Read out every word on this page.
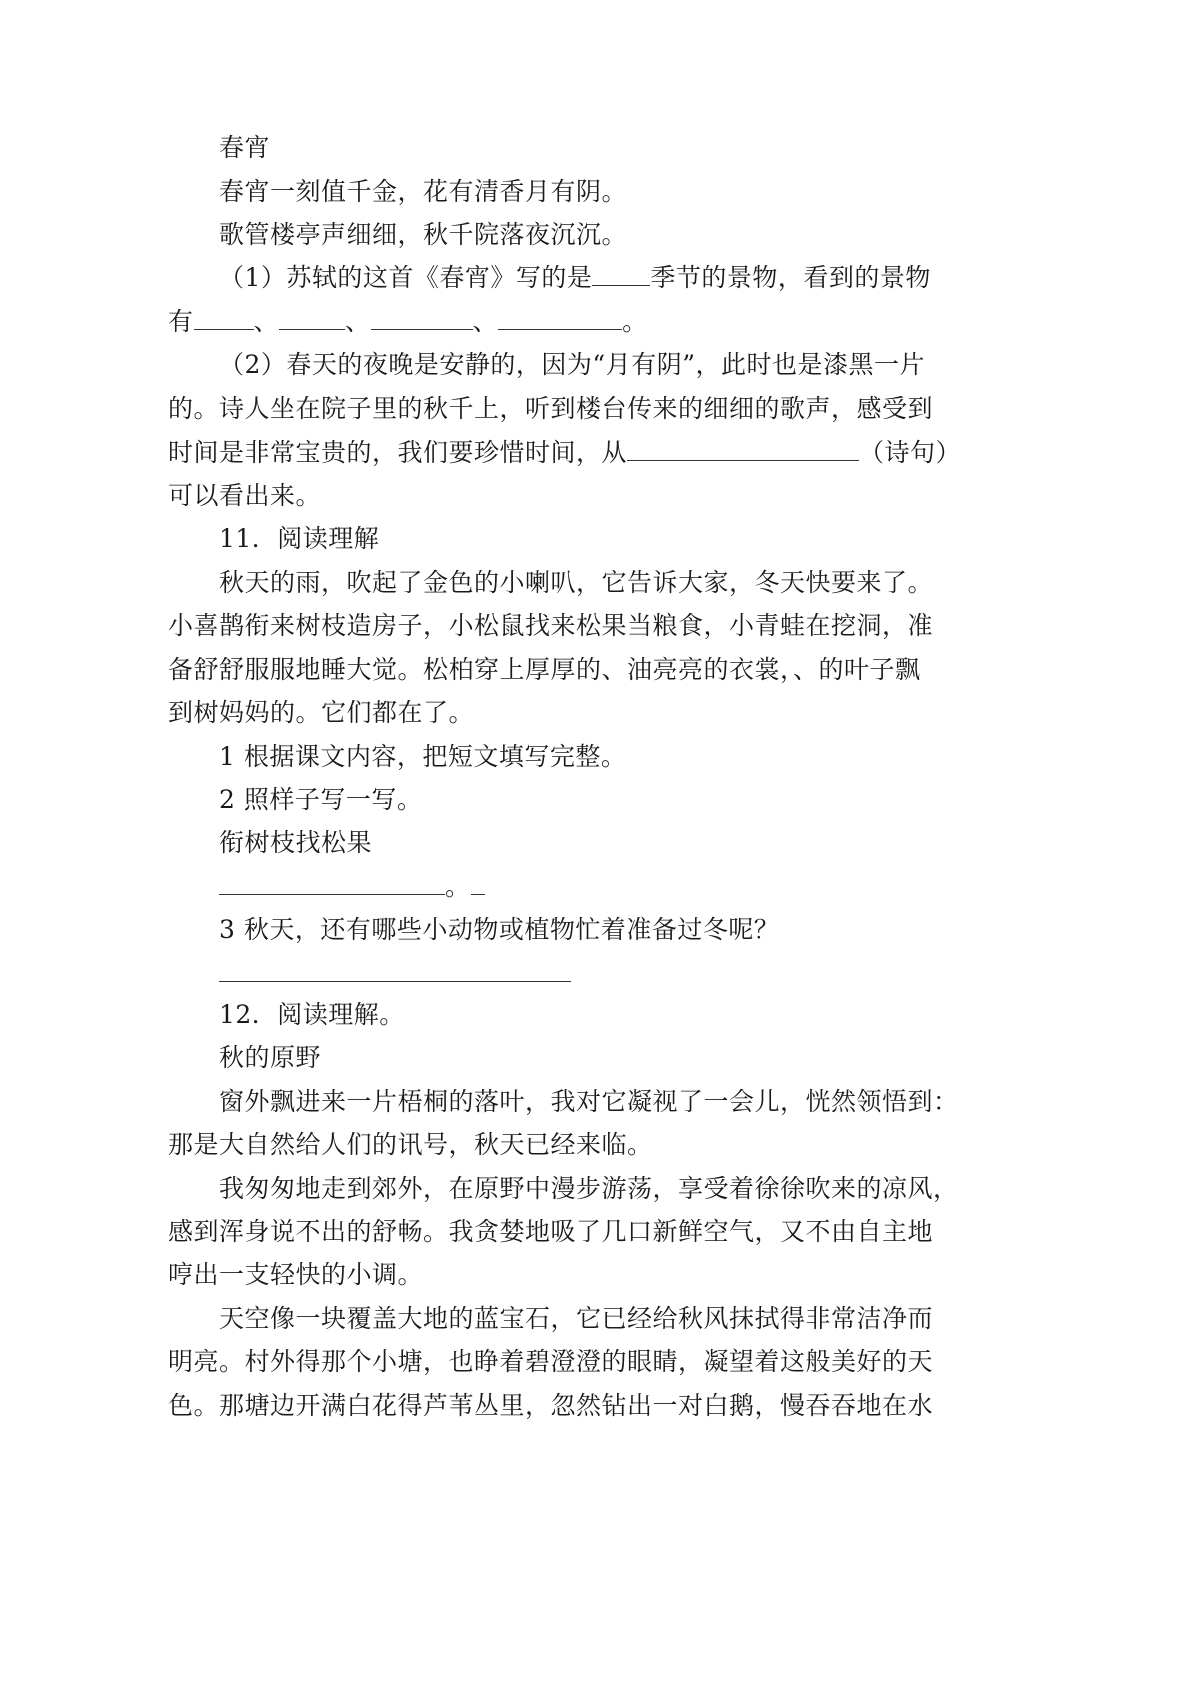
春宵
春宵一刻值千金，花有清香月有阴。
歌管楼亭声细细，秋千院落夜沉沉。
（1）苏轼的这首《春宵》写的是 季节的景物，看到的景物
有 、	、	、	。
（2）春天的夜晚是安静的，因为“月有阴”，此时也是漆黑一片
的。诗人坐在院子里的秋千上，听到楼台传来的细细的歌声，感受到
时间是非常宝贵的，我们要珍惜时间，从	（诗句）
可以看出来。
11．阅读理解
秋天的雨，吹起了金色的小喇叭，它告诉大家，冬天快要来了。
小喜鹊衔来树枝造房子，小松鼠找来松果当粮食，小青蛙在挖洞，准
备舒舒服服地睡大觉。松柏穿上厚厚的、油亮亮的衣裳，、的叶子飘
到树妈妈的。它们都在了。
1 根据课文内容，把短文填写完整。
2 照样子写一写。
衔树枝找松果
。
3 秋天，还有哪些小动物或植物忙着准备过冬呢？
12．阅读理解。
秋的原野
窗外飘进来一片梧桐的落叶，我对它凝视了一会儿，恍然领悟到：
那是大自然给人们的讯号，秋天已经来临。
我匆匆地走到郊外，在原野中漫步游荡，享受着徐徐吹来的凉风，
感到浑身说不出的舒畅。我贪婪地吸了几口新鲜空气，又不由自主地
哼出一支轻快的小调。
天空像一块覆盖大地的蓝宝石，它已经给秋风抹拭得非常洁净而
明亮。村外得那个小塘，也睁着碧澄澄的眼睛，凝望着这般美好的天
色。那塘边开满白花得芦苇丛里，忽然钻出一对白鹅，慢吞吞地在水
